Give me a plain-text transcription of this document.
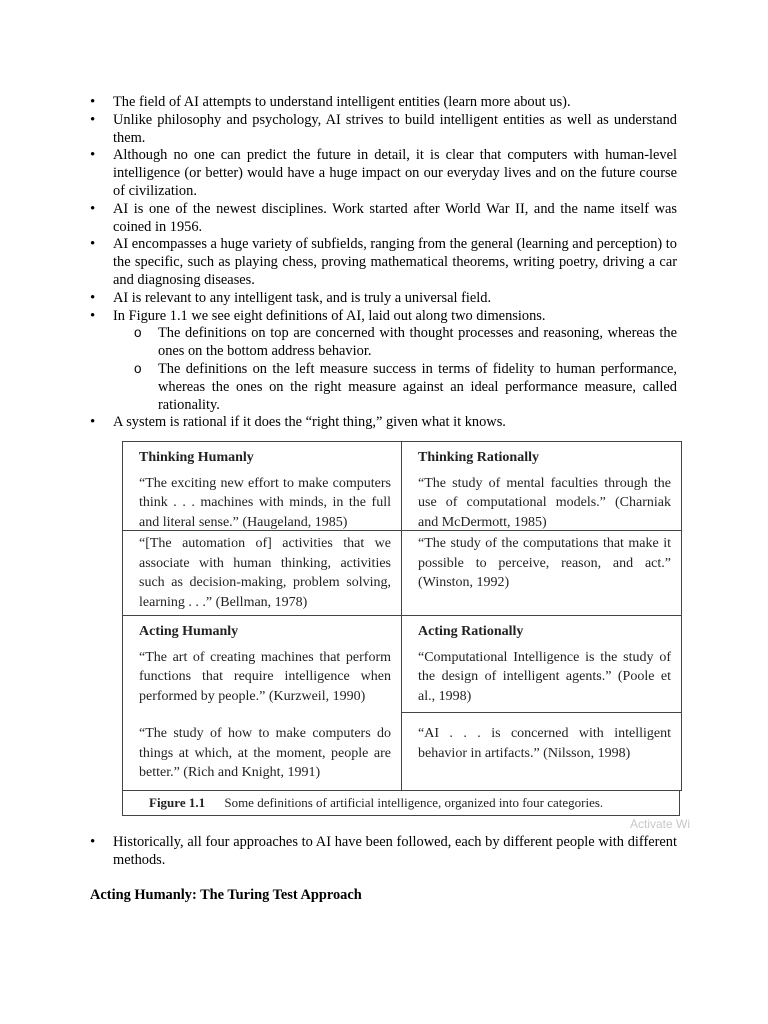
• The field of AI attempts to understand intelligent entities (learn more about us).
• Unlike philosophy and psychology, AI strives to build intelligent entities as well as understand them.
• Although no one can predict the future in detail, it is clear that computers with human-level intelligence (or better) would have a huge impact on our everyday lives and on the future course of civilization.
• AI is one of the newest disciplines. Work started after World War II, and the name itself was coined in 1956.
• AI encompasses a huge variety of subfields, ranging from the general (learning and perception) to the specific, such as playing chess, proving mathematical theorems, writing poetry, driving a car and diagnosing diseases.
• AI is relevant to any intelligent task, and is truly a universal field.
• In Figure 1.1 we see eight definitions of AI, laid out along two dimensions.
o The definitions on top are concerned with thought processes and reasoning, whereas the ones on the bottom address behavior.
o The definitions on the left measure success in terms of fidelity to human performance, whereas the ones on the right measure against an ideal performance measure, called rationality.
• A system is rational if it does the “right thing,” given what it knows.
Thinking Humanly
“The exciting new effort to make computers think . . . machines with minds, in the full and literal sense.” (Haugeland, 1985)
“[The automation of] activities that we associate with human thinking, activities such as decision-making, problem solving, learning . . .” (Bellman, 1978)
Thinking Rationally
“The study of mental faculties through the use of computational models.” (Charniak and McDermott, 1985)
“The study of the computations that make it possible to perceive, reason, and act.” (Winston, 1992)
Acting Humanly
“The art of creating machines that perform functions that require intelligence when performed by people.” (Kurzweil, 1990)
“The study of how to make computers do things at which, at the moment, people are better.” (Rich and Knight, 1991)
Acting Rationally
“Computational Intelligence is the study of the design of intelligent agents.” (Poole et al., 1998)
“AI . . . is concerned with intelligent behavior in artifacts.” (Nilsson, 1998)
Figure 1.1 Some definitions of artificial intelligence, organized into four categories.
Activate Wi
• Historically, all four approaches to AI have been followed, each by different people with different methods.
Acting Humanly: The Turing Test Approach
